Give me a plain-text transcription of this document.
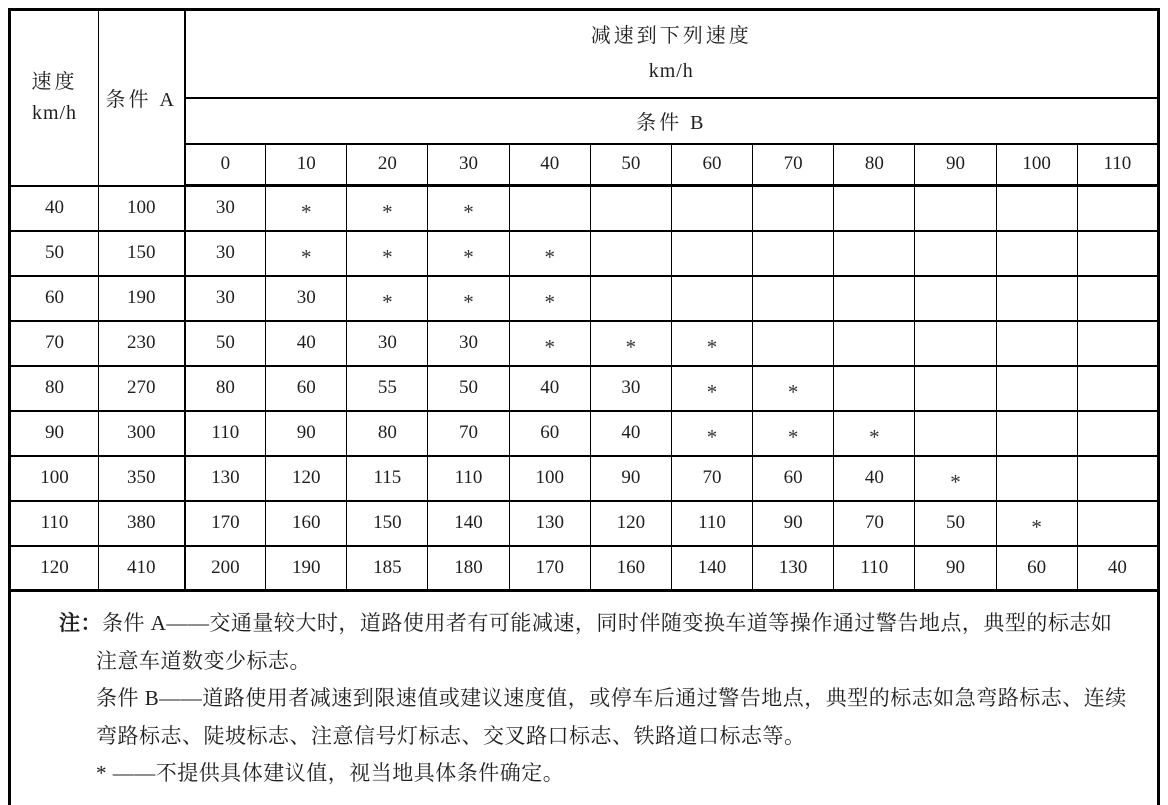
速度
km/h
	条件 A	
减速到下列速度
km/h

		条件 B											
		0	10	20	30	40	50	60	70	80	90	100	110
40	100	30	*	*	*								
50	150	30	*	*	*	*							
60	190	30	30	*	*	*							
70	230	50	40	30	30	*	*	*					
80	270	80	60	55	50	40	30	*	*				
90	300	110	90	80	70	60	40	*	*	*			
100	350	130	120	115	110	100	90	70	60	40	*		
110	380	170	160	150	140	130	120	110	90	70	50	*	
120	410	200	190	185	180	170	160	140	130	110	90	60	40

注：条件 A——交通量较大时，道路使用者有可能减速，同时伴随变换车道等操作通过警告地点，典型的标志如注意车道数变少标志。
条件 B——道路使用者减速到限速值或建议速度值，或停车后通过警告地点，典型的标志如急弯路标志、连续弯路标志、陡坡标志、注意信号灯标志、交叉路口标志、铁路道口标志等。
* ——不提供具体建议值，视当地具体条件确定。													
